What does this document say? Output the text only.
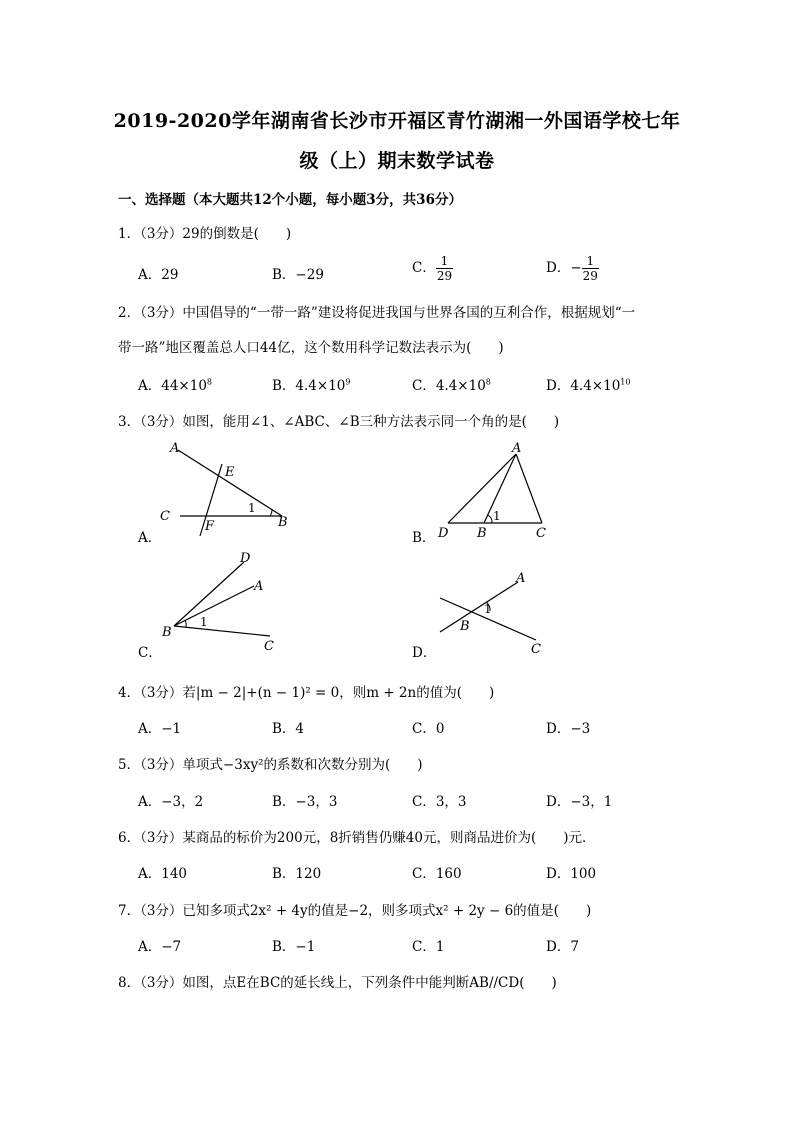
2019-2020学年湖南省长沙市开福区青竹湖湘一外国语学校七年
级（上）期末数学试卷
一、选择题（本大题共12个小题，每小题3分，共36分）
1．（3分）29的倒数是(　　)
A．29	B．−29	C． $\frac{1}{29}$	D．− $\frac{1}{29}$
2．（3分）中国倡导的“一带一路”建设将促进我国与世界各国的互利合作，根据规划“一
带一路”地区覆盖总人口44亿，这个数用科学记数法表示为(　　)
A．$44\times 10^8$	B．$4.4\times 10^9$	C．$4.4\times 10^8$	D．$4.4\times 10^{10}$
3．（3分）如图，能用∠1、∠ABC、∠B三种方法表示同一个角的是(　　)
A
E
1
C
F	B
A．
A
D B	C
1
B．
D
A
B
C
1
C．
A
B
C
1
D．
4．（3分）若|m − 2|+(n − 1)² = 0，则m + 2n的值为(　　)
A．−1	B．4	C．0	D．−3
5．（3分）单项式−3xy²的系数和次数分别为(　　)
A．−3，2	B．−3，3	C．3，3	D．−3，1
6．（3分）某商品的标价为200元，8折销售仍赚40元，则商品进价为(　　)元．
A．140	B．120	C．160	D．100
7．（3分）已知多项式2x² + 4y的值是−2，则多项式x² + 2y − 6的值是(　　)
A．−7	B．−1	C．1	D．7
8．（3分）如图，点E在BC的延长线上，下列条件中能判断AB//CD(　　)
